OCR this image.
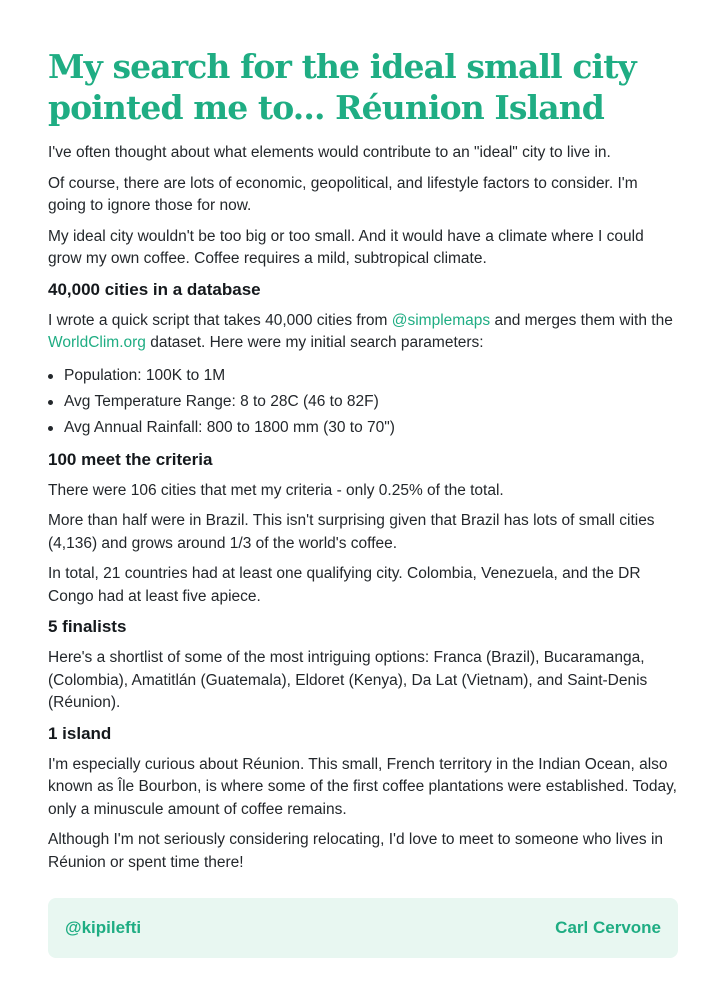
My search for the ideal small city pointed me to... Réunion Island

I've often thought about what elements would contribute to an "ideal" city to live in.

Of course, there are lots of economic, geopolitical, and lifestyle factors to consider. I'm going to ignore those for now.

My ideal city wouldn't be too big or too small. And it would have a climate where I could grow my own coffee. Coffee requires a mild, subtropical climate.

40,000 cities in a database

I wrote a quick script that takes 40,000 cities from @simplemaps and merges them with the WorldClim.org dataset. Here were my initial search parameters:

Population: 100K to 1M
Avg Temperature Range: 8 to 28C (46 to 82F)
Avg Annual Rainfall: 800 to 1800 mm (30 to 70")
100 meet the criteria

There were 106 cities that met my criteria - only 0.25% of the total.

More than half were in Brazil. This isn't surprising given that Brazil has lots of small cities (4,136) and grows around 1/3 of the world's coffee.

In total, 21 countries had at least one qualifying city. Colombia, Venezuela, and the DR Congo had at least five apiece.

5 finalists

Here's a shortlist of some of the most intriguing options: Franca (Brazil), Bucaramanga, (Colombia), Amatitlán (Guatemala), Eldoret (Kenya), Da Lat (Vietnam), and Saint-Denis (Réunion).

1 island

I'm especially curious about Réunion. This small, French territory in the Indian Ocean, also known as Île Bourbon, is where some of the first coffee plantations were established. Today, only a minuscule amount of coffee remains.

Although I'm not seriously considering relocating, I'd love to meet to someone who lives in Réunion or spent time there!

@kipilefti	Carl Cervone
